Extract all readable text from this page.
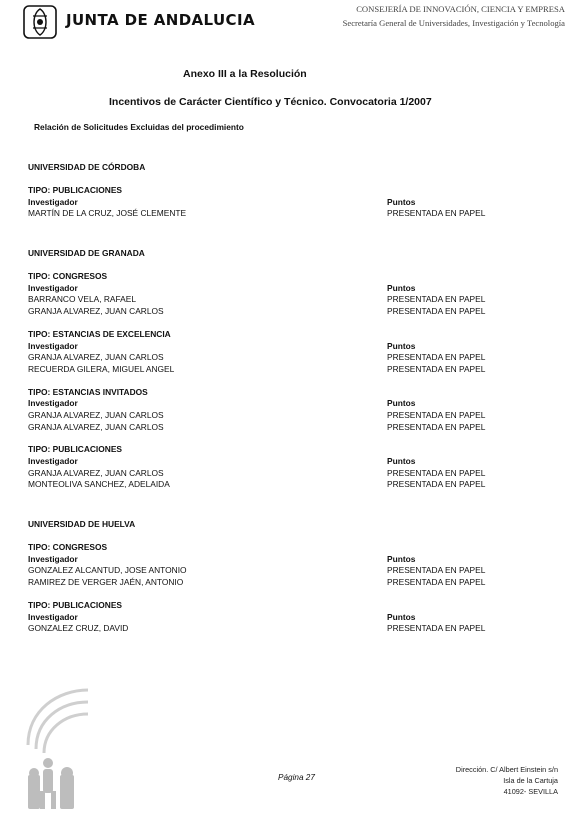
JUNTA DE ANDALUCIA
CONSEJERÍA DE INNOVACIÓN, CIENCIA Y EMPRESA
Secretaría General de Universidades, Investigación y Tecnología
Anexo III a la Resolución
Incentivos de Carácter Científico y Técnico. Convocatoria 1/2007
Relación de Solicitudes Excluidas del procedimiento
UNIVERSIDAD DE CÓRDOBA
TIPO: PUBLICACIONES
Investigador	Puntos
MARTÍN DE LA CRUZ, JOSÉ CLEMENTE	PRESENTADA EN PAPEL
UNIVERSIDAD DE GRANADA
TIPO: CONGRESOS
Investigador	Puntos
BARRANCO VELA, RAFAEL	PRESENTADA EN PAPEL
GRANJA ALVAREZ, JUAN CARLOS	PRESENTADA EN PAPEL
TIPO: ESTANCIAS DE EXCELENCIA
Investigador	Puntos
GRANJA ALVAREZ, JUAN CARLOS	PRESENTADA EN PAPEL
RECUERDA GILERA, MIGUEL ANGEL	PRESENTADA EN PAPEL
TIPO: ESTANCIAS INVITADOS
Investigador	Puntos
GRANJA ALVAREZ, JUAN CARLOS	PRESENTADA EN PAPEL
GRANJA ALVAREZ, JUAN CARLOS	PRESENTADA EN PAPEL
TIPO: PUBLICACIONES
Investigador	Puntos
GRANJA ALVAREZ, JUAN CARLOS	PRESENTADA EN PAPEL
MONTEOLIVA SANCHEZ, ADELAIDA	PRESENTADA EN PAPEL
UNIVERSIDAD DE HUELVA
TIPO: CONGRESOS
Investigador	Puntos
GONZALEZ ALCANTUD, JOSE ANTONIO	PRESENTADA EN PAPEL
RAMIREZ DE VERGER JAÉN, ANTONIO	PRESENTADA EN PAPEL
TIPO: PUBLICACIONES
Investigador	Puntos
GONZALEZ CRUZ, DAVID	PRESENTADA EN PAPEL
Página 27
Dirección. C/ Albert Einstein s/n
Isla de la Cartuja
41092- SEVILLA
